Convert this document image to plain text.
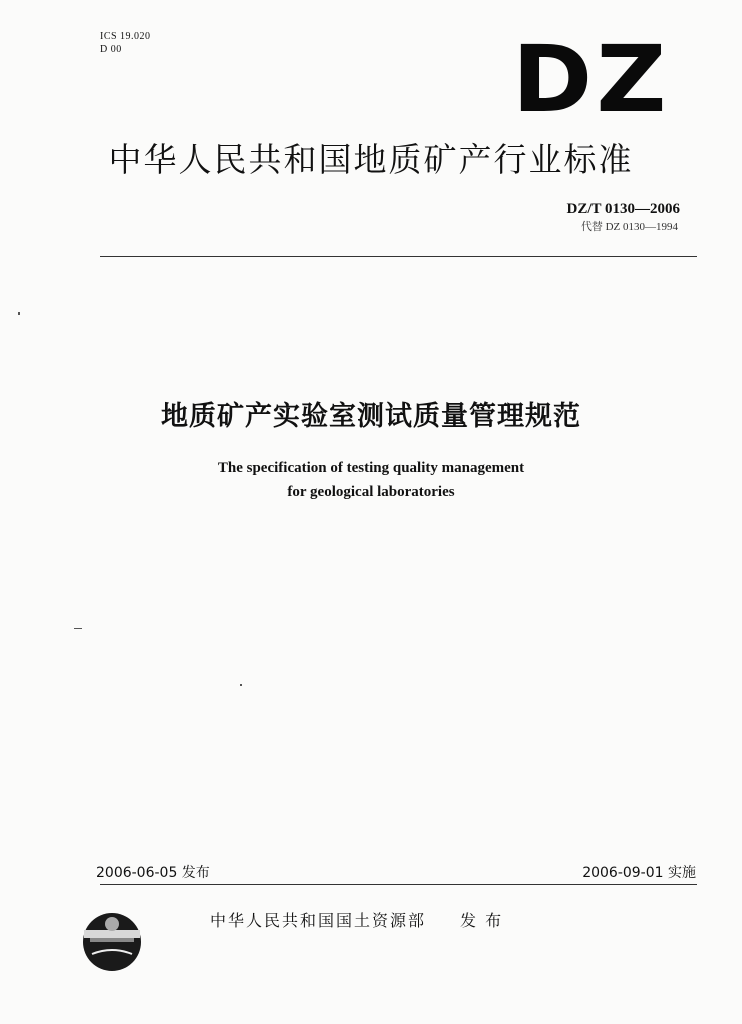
ICS 19.020
D 00	DZ
中华人民共和国地质矿产行业标准
DZ/T 0130—2006
代替 DZ 0130—1994
地质矿产实验室测试质量管理规范
The specification of testing quality management
for geological laboratories
2006-06-05 发布	2006-09-01 实施
中华人民共和国国土资源部 发 布
